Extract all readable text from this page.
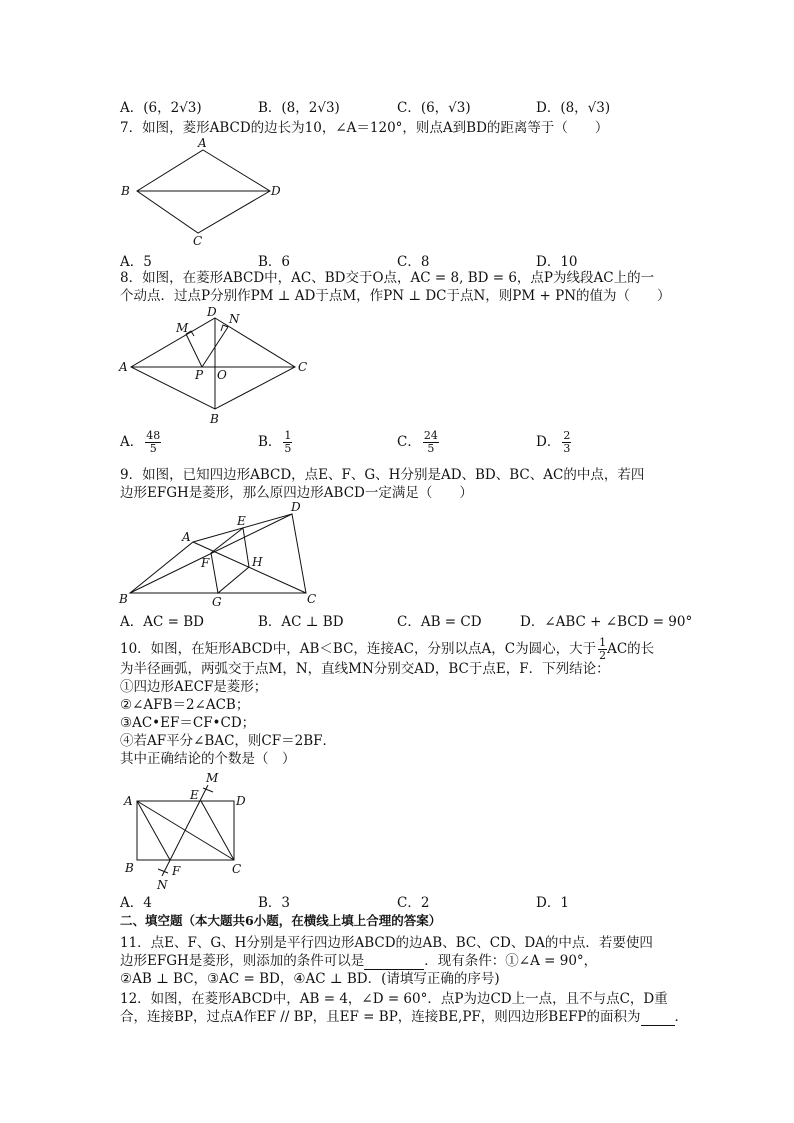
A．(6，2√3)	B．(8，2√3)	C．(6，√3)	D．(8，√3)
7．如图，菱形ABCD的边长为10，∠A＝120°，则点A到BD的距离等于（　　）
A
B
C
D
A．5	B．6	C．8	D．10
8．如图，在菱形ABCD中，AC、BD交于O点，AC = 8, BD = 6，点P为线段AC上的一
个动点．过点P分别作PM ⊥ AD于点M，作PN ⊥ DC于点N，则PM + PN的值为（　　）
D N
M
A
P O
C
B
A． $\frac{48}{5}$	B． $\frac{1}{5}$	C． $\frac{24}{5}$	D． $\frac{2}{3}$
9．如图，已知四边形ABCD，点E、F、G、H分别是AD、BD、BC、AC的中点，若四
边形EFGH是菱形，那么原四边形ABCD一定满足（　　）
A
E
D
F	H
B	G	C
A．AC = BD	B．AC ⊥ BD	C．AB = CD	D．∠ABC + ∠BCD = 90°
10．如图，在矩形ABCD中，AB＜BC，连接AC，分别以点A，C为圆心，大于 $\frac{1}{2}$ AC的长
为半径画弧，两弧交于点M，N，直线MN分别交AD，BC于点E，F．下列结论：
①四边形AECF是菱形；
②∠AFB＝2∠ACB；
③AC•EF＝CF•CD；
④若AF平分∠BAC，则CF＝2BF．
其中正确结论的个数是（　）
M
A	E	D
B	F	C
N
A．4	B．3	C．2	D．1
二、填空题（本大题共6小题，在横线上填上合理的答案）
11．点E、F、G、H分别是平行四边形ABCD的边AB、BC、CD、DA的中点．若要使四
边形EFGH是菱形，则添加的条件可以是	．现有条件：①∠A = 90°，
②AB ⊥ BC，③AC = BD，④AC ⊥ BD．(请填写正确的序号)
12．如图，在菱形ABCD中，AB = 4，∠D = 60°．点P为边CD上一点，且不与点C，D重
合，连接BP，过点A作EF // BP，且EF = BP，连接BE,PF，则四边形BEFP的面积为	．
